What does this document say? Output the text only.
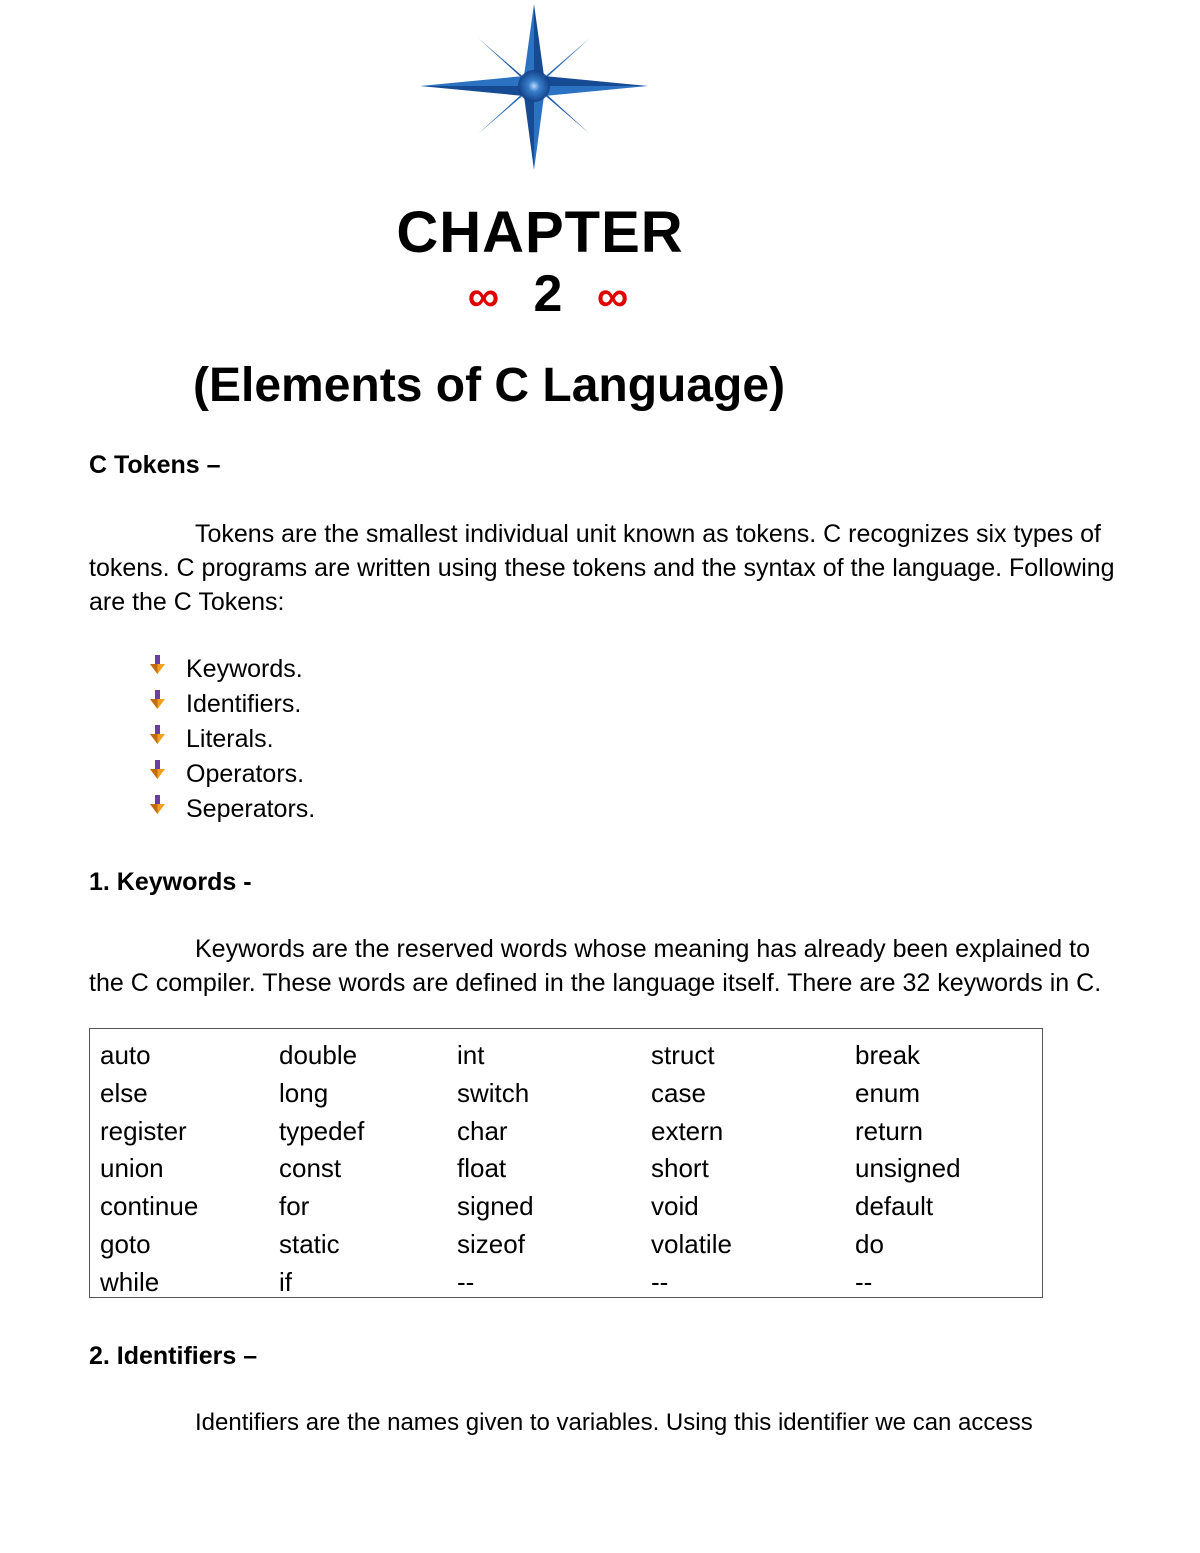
CHAPTER
∞ 2 ∞
(Elements of C Language)
C Tokens –

Tokens are the smallest individual unit known as tokens. C recognizes six types of tokens. C programs are written using these tokens and the syntax of the language. Following are the C Tokens:

Keywords.
Identifiers.
Literals.
Operators.
Seperators.
1. Keywords -

Keywords are the reserved words whose meaning has already been explained to the C compiler. These words are defined in the language itself. There are 32 keywords in C.

auto	double	int	struct	break
else	long	switch	case	enum
register	typedef	char	extern	return
union	const	float	short	unsigned
continue	for	signed	void	default
goto	static	sizeof	volatile	do
while	if	--	--	--
2. Identifiers –

Identifiers are the names given to variables. Using this identifier we can access
